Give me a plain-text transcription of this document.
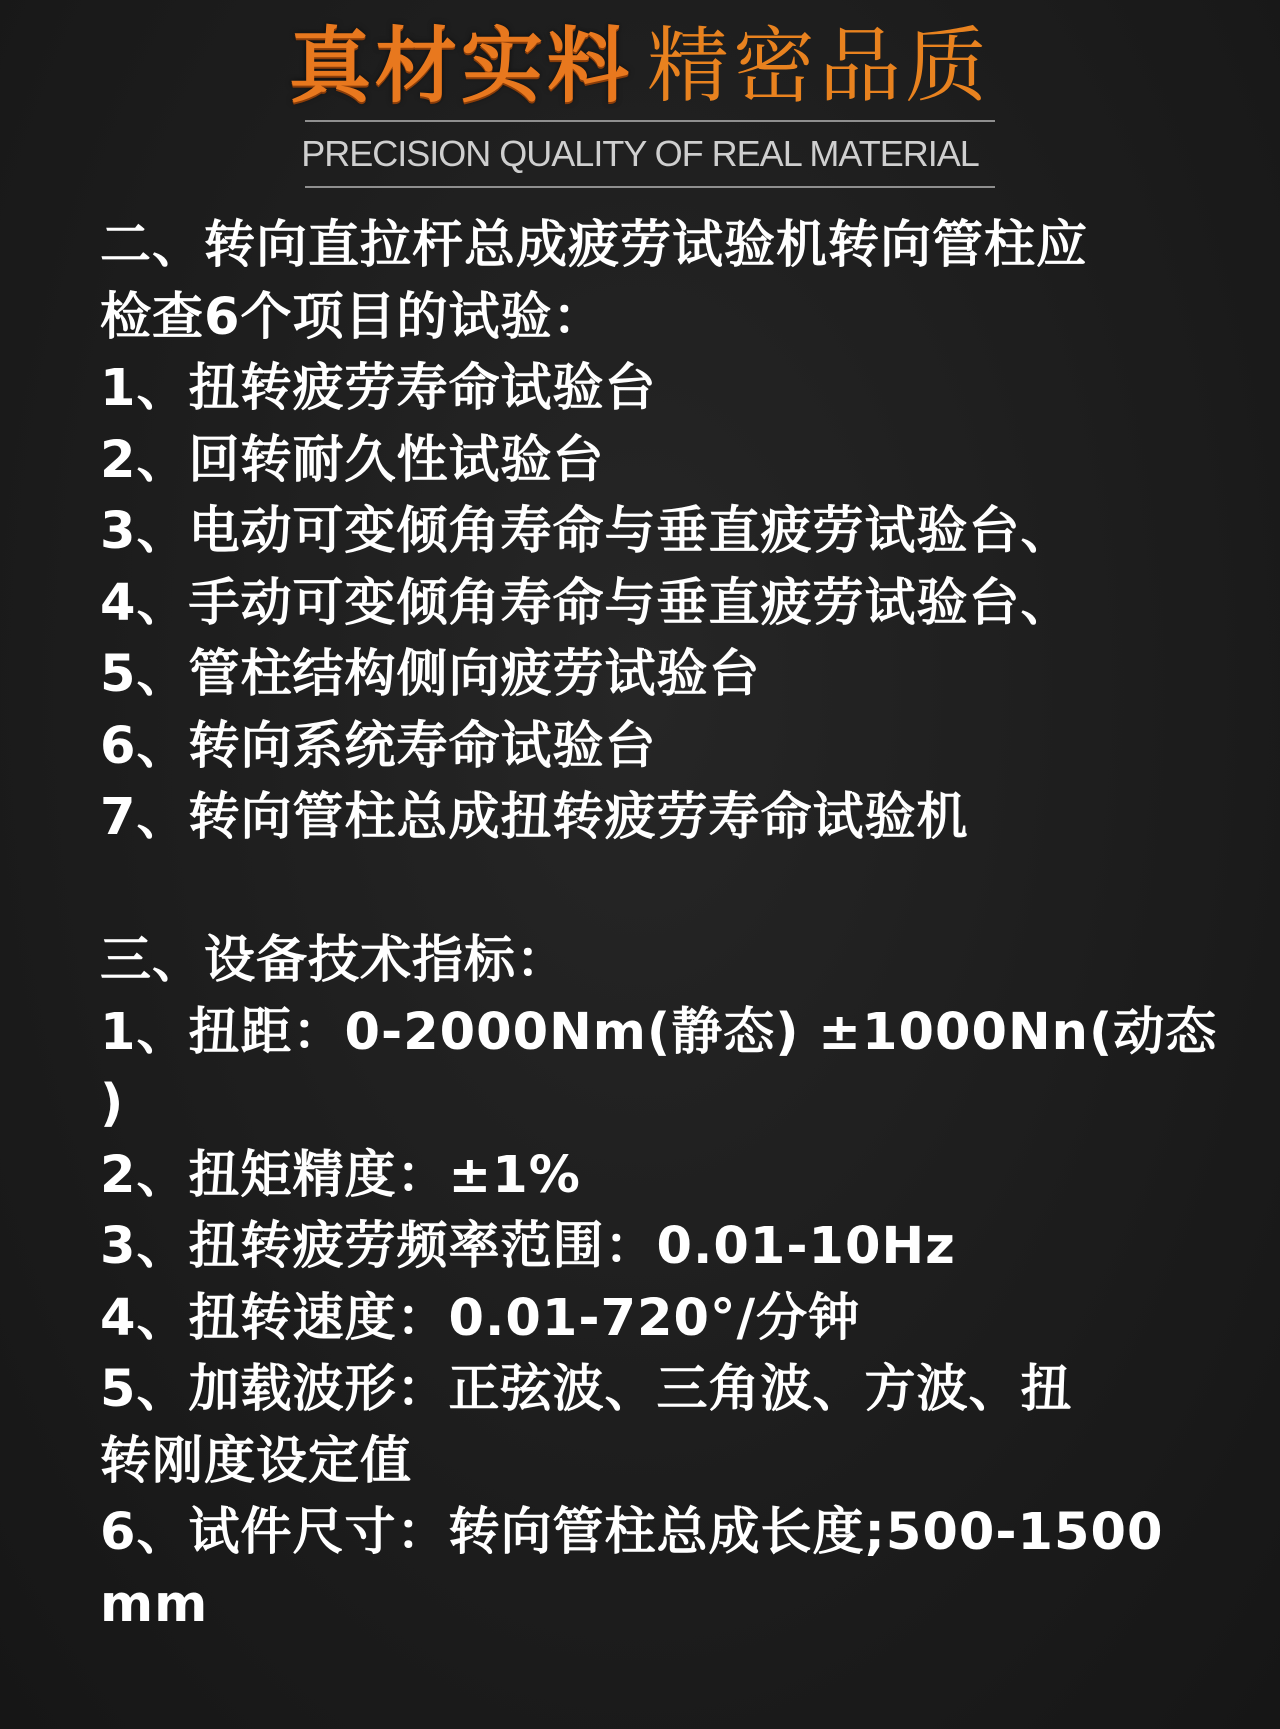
真材实料 精密品质
PRECISION QUALITY OF REAL MATERIAL
二、转向直拉杆总成疲劳试验机转向管柱应
检查6个项目的试验：
1、扭转疲劳寿命试验台
2、回转耐久性试验台
3、电动可变倾角寿命与垂直疲劳试验台、
4、手动可变倾角寿命与垂直疲劳试验台、
5、管柱结构侧向疲劳试验台
6、转向系统寿命试验台
7、转向管柱总成扭转疲劳寿命试验机
三、设备技术指标：
1、扭距：0-2000Nm(静态) ±1000Nn(动态
)
2、扭矩精度：±1%
3、扭转疲劳频率范围：0.01-10Hz
4、扭转速度：0.01-720°/分钟
5、加载波形：正弦波、三角波、方波、扭
转刚度设定值
6、试件尺寸：转向管柱总成长度;500-1500
mm
